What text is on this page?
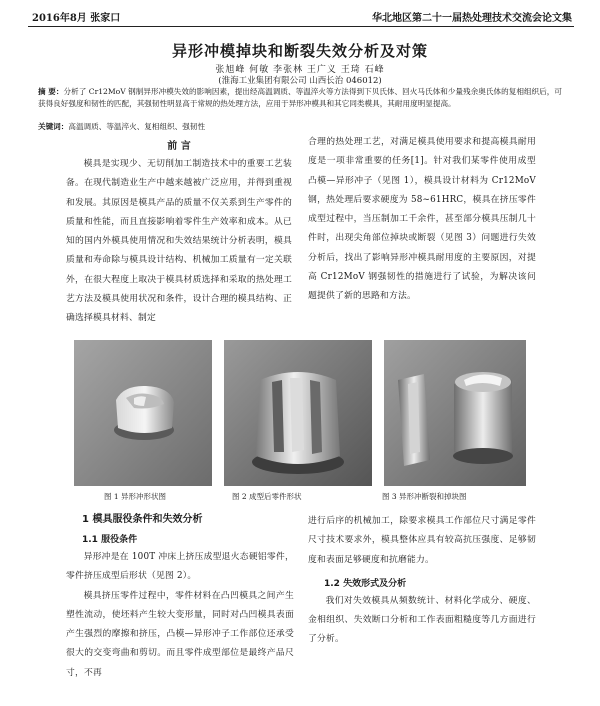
2016年8月 张家口	华北地区第二十一届热处理技术交流会论文集
异形冲模掉块和断裂失效分析及对策
张旭峰 何敏 李张林 王广义 王琦 石峰
(淮海工业集团有限公司 山西长治 046012)
摘 要：分析了 Cr12MoV 钢制异形冲模失效的影响因素，提出经高温调质、等温淬火等方法得到下贝氏体、回火马氏体和少量残余奥氏体的复相组织后，可获得良好强度和韧性的匹配，其强韧性明显高于常规的热处理方法，应用于异形冲模具和其它同类模具，其耐用度明显提高。
关键词：高温调质、等温淬火、复相组织、强韧性
前 言

模具是实现少、无切削加工制造技术中的重要工艺装备。在现代制造业生产中越来越被广泛应用，并得到重视和发展。其原因是模具产品的质量不仅关系到生产零件的质量和性能，而且直接影响着零件生产效率和成本。从已知的国内外模具使用情况和失效结果统计分析表明，模具质量和寿命除与模具设计结构、机械加工质量有一定关联外，在很大程度上取决于模具材质选择和采取的热处理工艺方法及模具使用状况和条件，设计合理的模具结构、正确选择模具材料、制定

合理的热处理工艺，对满足模具使用要求和提高模具耐用度是一项非常重要的任务[1]。针对我们某零件使用成型凸模—异形冲子（见图 1），模具设计材料为 Cr12MoV 钢，热处理后要求硬度为 58~61HRC，模具在挤压零件成型过程中，当压制加工千余件，甚至部分模具压制几十件时，出现尖角部位掉块或断裂（见图 3）问题进行失效分析后，找出了影响异形冲模具耐用度的主要原因，对提高 Cr12MoV 钢强韧性的措施进行了试验，为解决该问题提供了新的思路和方法。

图 1 异形冲形状图	图 2 成型后零件形状	图 3 异形冲断裂和掉块图
1 模具服役条件和失效分析
1.1 服役条件

异形冲是在 100T 冲床上挤压成型退火态硬铝零件，零件挤压成型后形状（见图 2）。

模具挤压零件过程中，零件材料在凸凹模具之间产生塑性流动，使坯料产生较大变形量，同时对凸凹模具表面产生强烈的摩擦和挤压，凸模—异形冲子工作部位还承受很大的交变弯曲和剪切。而且零件成型部位是最终产品尺寸，不再

进行后序的机械加工，除要求模具工作部位尺寸满足零件尺寸技术要求外，模具整体应具有较高抗压强度、足够韧度和表面足够硬度和抗磨能力。

1.2 失效形式及分析

我们对失效模具从频数统计、材料化学成分、硬度、金相组织、失效断口分析和工作表面粗糙度等几方面进行了分析。
